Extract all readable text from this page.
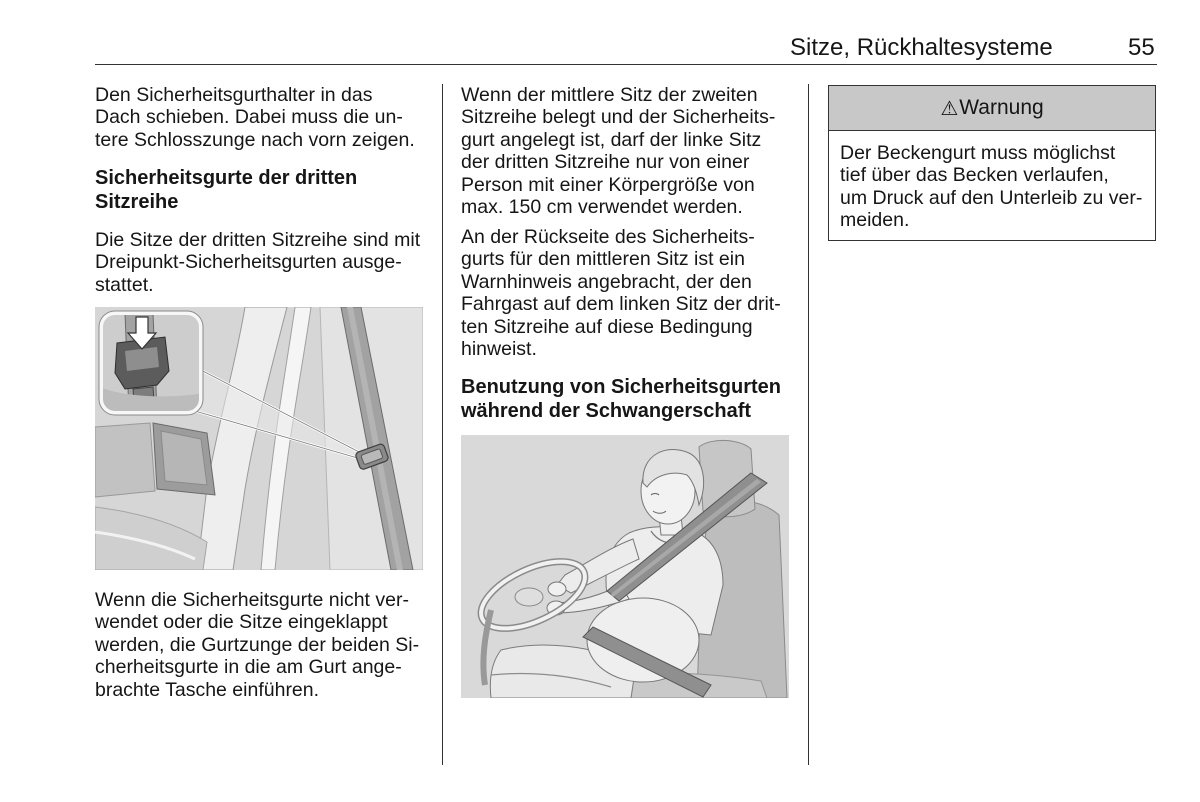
Sitze, Rückhaltesysteme	55
Den Sicherheitsgurthalter in das
Dach schieben. Dabei muss die un-
tere Schlosszunge nach vorn zeigen.
Sicherheitsgurte der dritten
Sitzreihe
Die Sitze der dritten Sitzreihe sind mit
Dreipunkt-Sicherheitsgurten ausge-
stattet.
Wenn die Sicherheitsgurte nicht ver-
wendet oder die Sitze eingeklappt
werden, die Gurtzunge der beiden Si-
cherheitsgurte in die am Gurt ange-
brachte Tasche einführen.
Wenn der mittlere Sitz der zweiten
Sitzreihe belegt und der Sicherheits-
gurt angelegt ist, darf der linke Sitz
der dritten Sitzreihe nur von einer
Person mit einer Körpergröße von
max. 150 cm verwendet werden.
An der Rückseite des Sicherheits-
gurts für den mittleren Sitz ist ein
Warnhinweis angebracht, der den
Fahrgast auf dem linken Sitz der drit-
ten Sitzreihe auf diese Bedingung
hinweist.
Benutzung von Sicherheitsgurten
während der Schwangerschaft
⚠
Warnung
Der Beckengurt muss möglichst
tief über das Becken verlaufen,
um Druck auf den Unterleib zu ver-
meiden.
